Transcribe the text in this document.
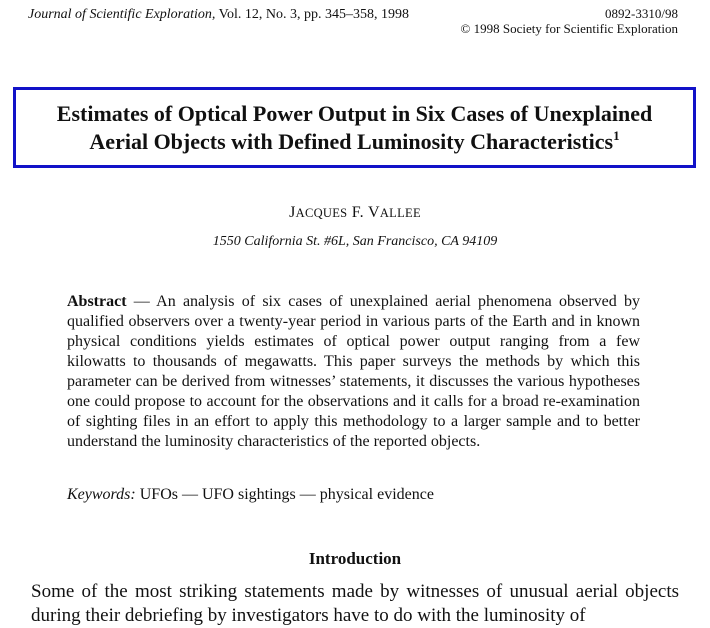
Journal of Scientific Exploration, Vol. 12, No. 3, pp. 345–358, 1998	0892-3310/98
© 1998 Society for Scientific Exploration
Estimates of Optical Power Output in Six Cases of Unexplained
Aerial Objects with Defined Luminosity Characteristics$^1$
JACQUES F. VALLEE
1550 California St. #6L, San Francisco, CA 94109

Abstract — An analysis of six cases of unexplained aerial phenomena observed by qualified observers over a twenty-year period in various parts of the Earth and in known physical conditions yields estimates of optical power output ranging from a few kilowatts to thousands of megawatts. This paper surveys the methods by which this parameter can be derived from witnesses’ statements, it discusses the various hypotheses one could propose to account for the observations and it calls for a broad re-examination of sighting files in an effort to apply this methodology to a larger sample and to better understand the luminosity characteristics of the reported objects.

Keywords: UFOs — UFO sightings — physical evidence
Introduction

Some of the most striking statements made by witnesses of unusual aerial objects during their debriefing by investigators have to do with the luminosity of
